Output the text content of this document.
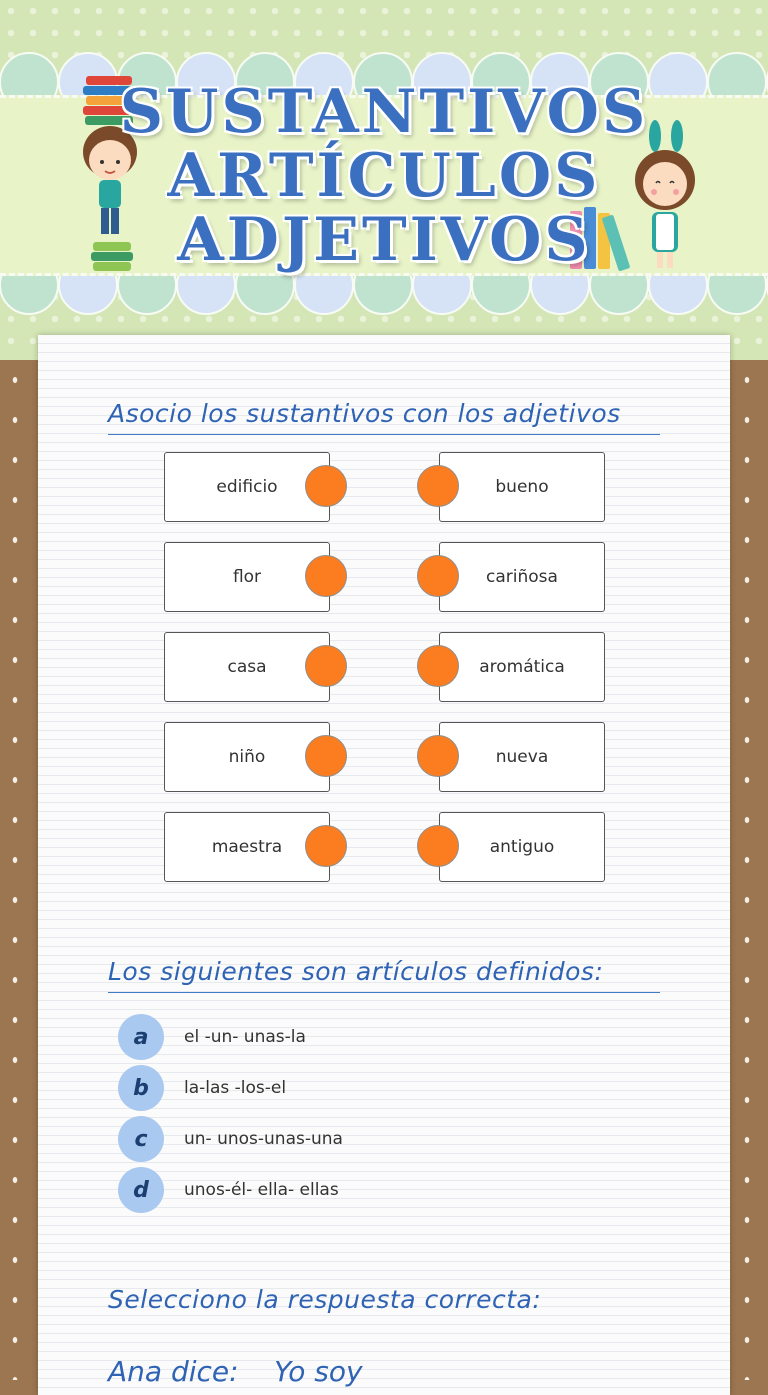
SUSTANTIVOS
ARTÍCULOS
ADJETIVOS
Asocio los sustantivos con los adjetivos
edificio	bueno
flor	cariñosa
casa	aromática
niño	nueva
maestra	antiguo
Los siguientes son artículos definidos:
a	el -un- unas-la
b	la-las -los-el
c	un- unos-unas-una
d	unos-él- ella- ellas
Selecciono la respuesta correcta:
Ana dice:    Yo soy
